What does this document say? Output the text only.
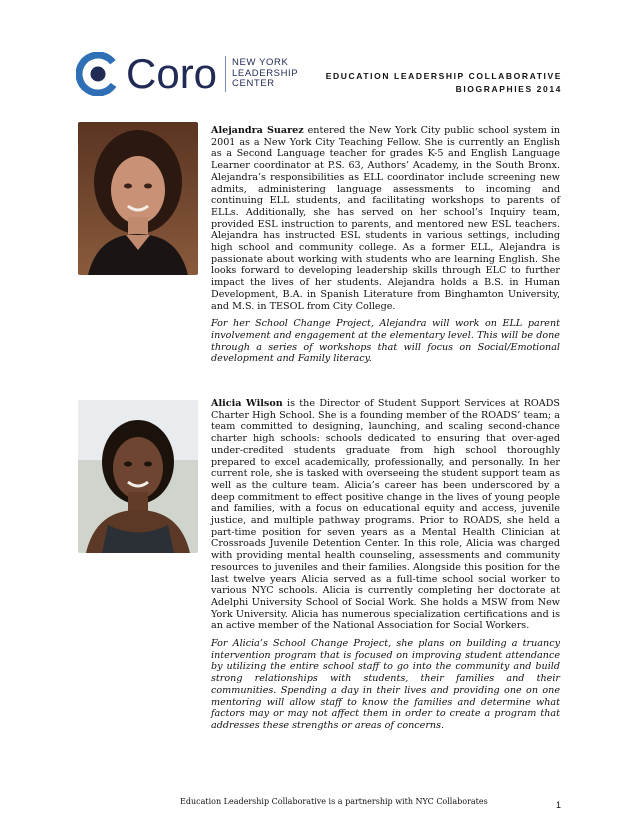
Coro NEW YORK
LEADERSHIP
CENTER
EDUCATION LEADERSHIP COLLABORATIVE
BIOGRAPHIES 2014

Alejandra Suarez entered the New York City public school system in 2001 as a New York City Teaching Fellow. She is currently an English as a Second Language teacher for grades K-5 and English Language Learner coordinator at P.S. 63, Authors’ Academy, in the South Bronx. Alejandra’s responsibilities as ELL coordinator include screening new admits, administering language assessments to incoming and continuing ELL students, and facilitating workshops to parents of ELLs. Additionally, she has served on her school’s Inquiry team, provided ESL instruction to parents, and mentored new ESL teachers. Alejandra has instructed ESL students in various settings, including high school and community college. As a former ELL, Alejandra is passionate about working with students who are learning English. She looks forward to developing leadership skills through ELC to further impact the lives of her students. Alejandra holds a B.S. in Human Development, B.A. in Spanish Literature from Binghamton University, and M.S. in TESOL from City College.

For her School Change Project, Alejandra will work on ELL parent involvement and engagement at the elementary level. This will be done through a series of workshops that will focus on Social/Emotional development and Family literacy.

Alicia Wilson is the Director of Student Support Services at ROADS Charter High School. She is a founding member of the ROADS’ team; a team committed to designing, launching, and scaling second-chance charter high schools: schools dedicated to ensuring that over-aged under-credited students graduate from high school thoroughly prepared to excel academically, professionally, and personally. In her current role, she is tasked with overseeing the student support team as well as the culture team. Alicia’s career has been underscored by a deep commitment to effect positive change in the lives of young people and families, with a focus on educational equity and access, juvenile justice, and multiple pathway programs. Prior to ROADS, she held a part-time position for seven years as a Mental Health Clinician at Crossroads Juvenile Detention Center. In this role, Alicia was charged with providing mental health counseling, assessments and community resources to juveniles and their families. Alongside this position for the last twelve years Alicia served as a full-time school social worker to various NYC schools. Alicia is currently completing her doctorate at Adelphi University School of Social Work. She holds a MSW from New York University. Alicia has numerous specialization certifications and is an active member of the National Association for Social Workers.

For Alicia’s School Change Project, she plans on building a truancy intervention program that is focused on improving student attendance by utilizing the entire school staff to go into the community and build strong relationships with students, their families and their communities. Spending a day in their lives and providing one on one mentoring will allow staff to know the families and determine what factors may or may not affect them in order to create a program that addresses these strengths or areas of concerns.

Education Leadership Collaborative is a partnership with NYC Collaborates	1
